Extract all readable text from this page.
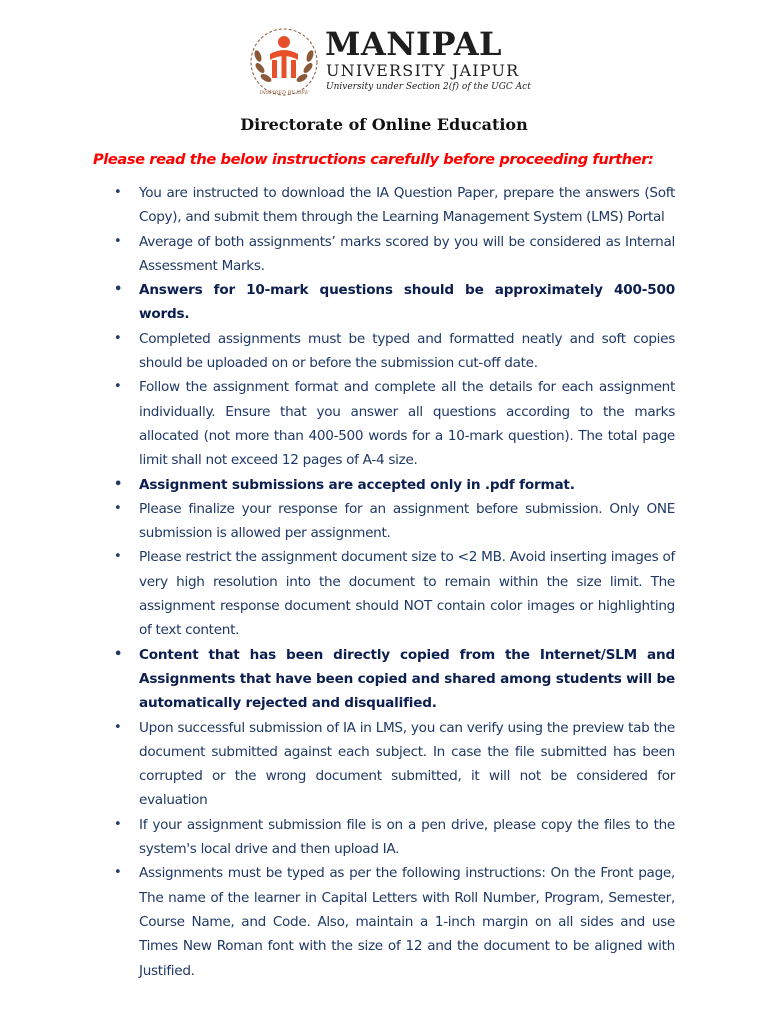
INSPIRED BY LIFE
MANIPAL
UNIVERSITY JAIPUR
University under Section 2(f) of the UGC Act
Directorate of Online Education
Please read the below instructions carefully before proceeding further:
• You are instructed to download the IA Question Paper, prepare the answers (Soft Copy), and submit them through the Learning Management System (LMS) Portal
• Average of both assignments’ marks scored by you will be considered as Internal Assessment Marks.
• Answers for 10-mark questions should be approximately 400-500 words.
• Completed assignments must be typed and formatted neatly and soft copies should be uploaded on or before the submission cut-off date.
• Follow the assignment format and complete all the details for each assignment individually. Ensure that you answer all questions according to the marks allocated (not more than 400-500 words for a 10-mark question). The total page limit shall not exceed 12 pages of A-4 size.
• Assignment submissions are accepted only in .pdf format.
• Please finalize your response for an assignment before submission. Only ONE submission is allowed per assignment.
• Please restrict the assignment document size to <2 MB. Avoid inserting images of very high resolution into the document to remain within the size limit. The assignment response document should NOT contain color images or highlighting of text content.
• Content that has been directly copied from the Internet/SLM and Assignments that have been copied and shared among students will be automatically rejected and disqualified.
• Upon successful submission of IA in LMS, you can verify using the preview tab the document submitted against each subject. In case the file submitted has been corrupted or the wrong document submitted, it will not be considered for evaluation
• If your assignment submission file is on a pen drive, please copy the files to the system's local drive and then upload IA.
• Assignments must be typed as per the following instructions: On the Front page, The name of the learner in Capital Letters with Roll Number, Program, Semester, Course Name, and Code. Also, maintain a 1-inch margin on all sides and use Times New Roman font with the size of 12 and the document to be aligned with Justified.
